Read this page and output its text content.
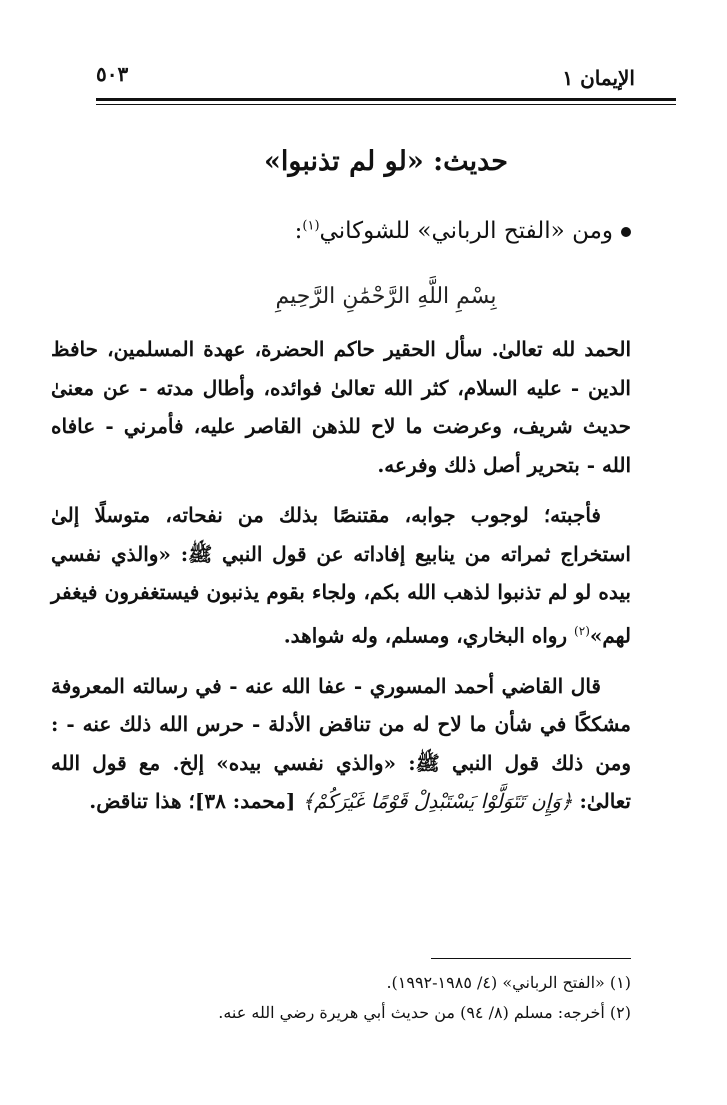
الإيمان ١
٥٠٣
حديث: «لو لم تذنبوا»
ومن «الفتح الرباني» للشوكاني$^{(١)}$:
بِسْمِ اللَّهِ الرَّحْمَٰنِ الرَّحِيمِ

الحمد لله تعالىٰ. سأل الحقير حاكم الحضرة، عهدة المسلمين، حافظ الدين - عليه السلام، كثر الله تعالىٰ فوائده، وأطال مدته - عن معنىٰ حديث شريف، وعرضت ما لاح للذهن القاصر عليه، فأمرني - عافاه الله - بتحرير أصل ذلك وفرعه.

فأجبته؛ لوجوب جوابه، مقتنصًا بذلك من نفحاته، متوسلًا إلىٰ استخراج ثمراته من ينابيع إفاداته عن قول النبي ﷺ: «والذي نفسي بيده لو لم تذنبوا لذهب الله بكم، ولجاء بقوم يذنبون فيستغفرون فيغفر لهم»$^{(٢)}$ رواه البخاري، ومسلم، وله شواهد.

قال القاضي أحمد المسوري - عفا الله عنه - في رسالته المعروفة مشككًا في شأن ما لاح له من تناقض الأدلة - حرس الله ذلك عنه - : ومن ذلك قول النبي ﷺ: «والذي نفسي بيده» إلخ. مع قول الله تعالىٰ: ﴿وَإِن تَتَوَلَّوْا يَسْتَبْدِلْ قَوْمًا غَيْرَكُمْ﴾ [محمد: ٣٨]؛ هذا تناقض.

(١) «الفتح الرباني» (٤/ ١٩٨٥-١٩٩٢).
(٢) أخرجه: مسلم (٨/ ٩٤) من حديث أبي هريرة رضي الله عنه.
